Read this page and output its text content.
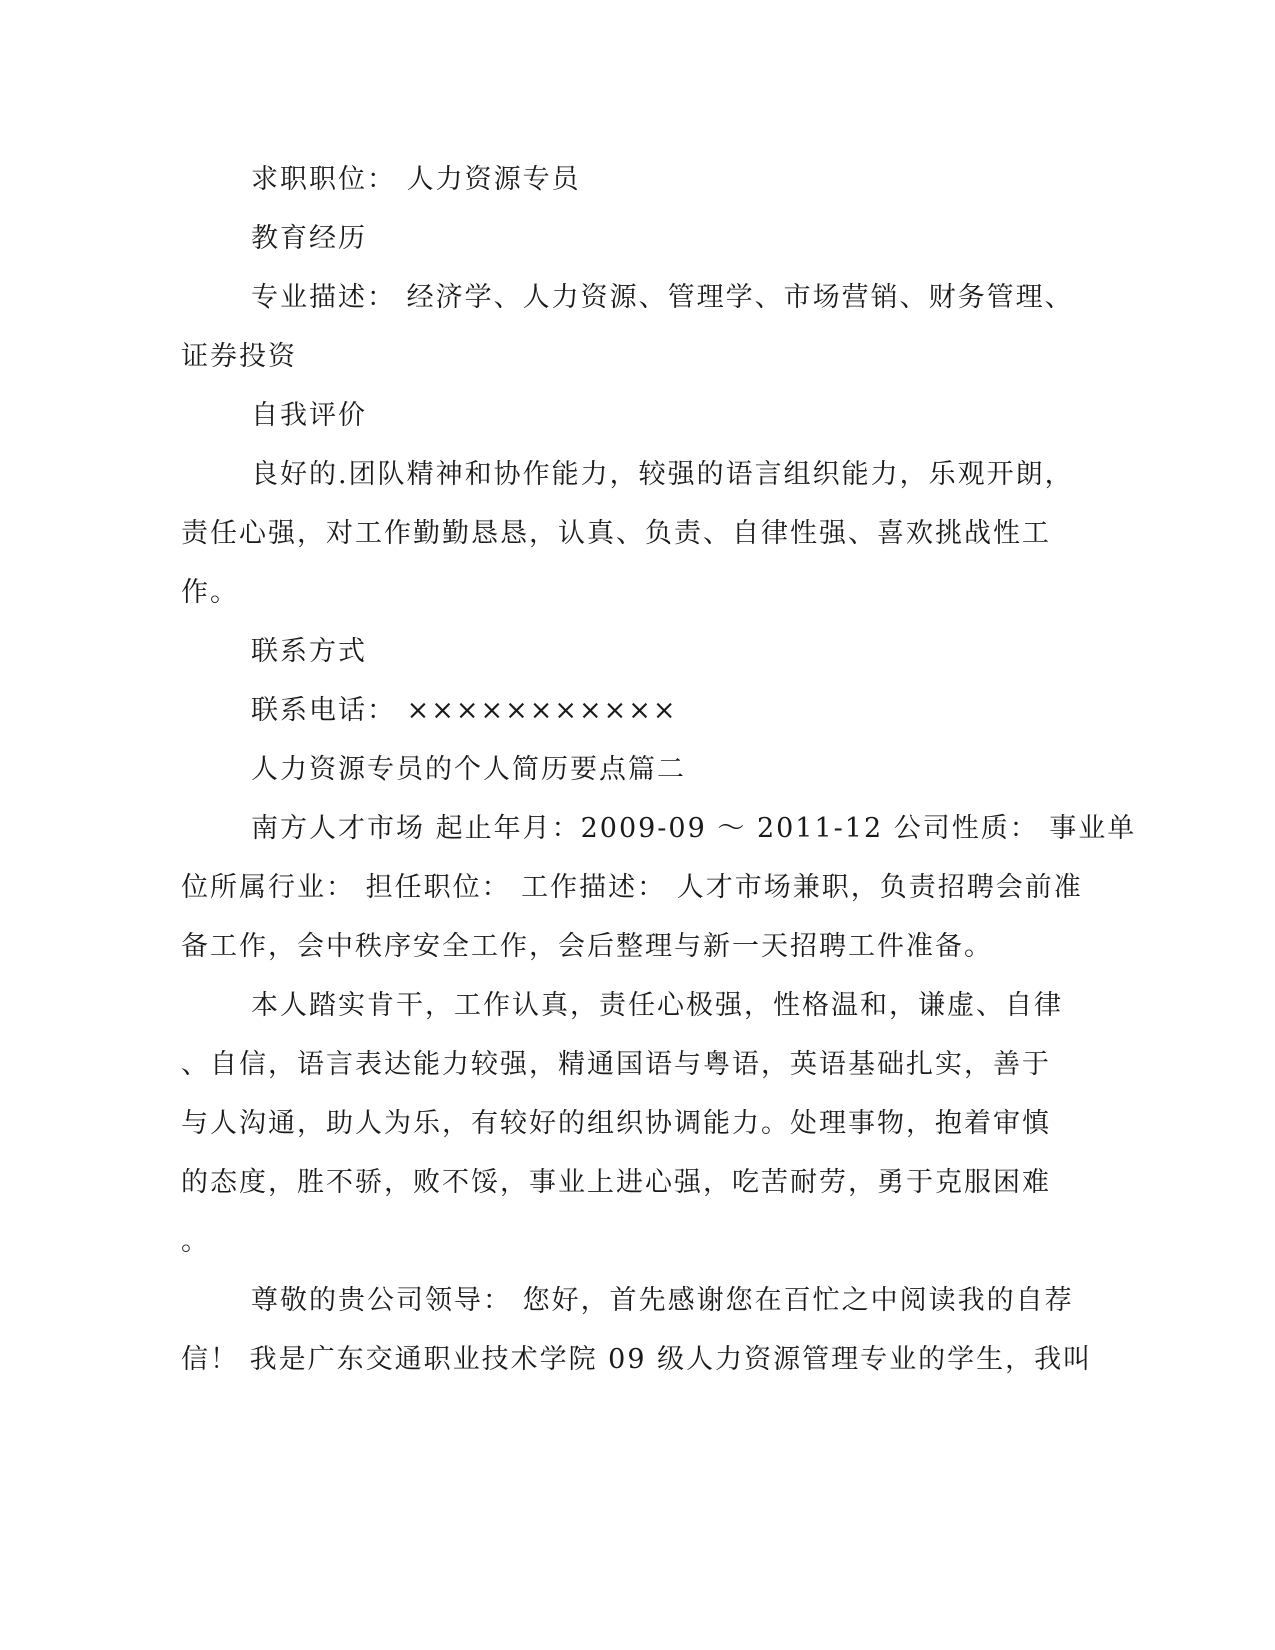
求职职位： 人力资源专员
教育经历
专业描述： 经济学、人力资源、管理学、市场营销、财务管理、
证券投资
自我评价
良好的.团队精神和协作能力，较强的语言组织能力，乐观开朗，
责任心强，对工作勤勤恳恳，认真、负责、自律性强、喜欢挑战性工
作。
联系方式
联系电话： ×××××××××××
人力资源专员的个人简历要点篇二
南方人才市场 起止年月：2009-09 ～ 2011-12 公司性质： 事业单
位所属行业： 担任职位： 工作描述： 人才市场兼职，负责招聘会前准
备工作，会中秩序安全工作，会后整理与新一天招聘工件准备。
本人踏实肯干，工作认真，责任心极强，性格温和，谦虚、自律
、自信，语言表达能力较强，精通国语与粤语，英语基础扎实，善于
与人沟通，助人为乐，有较好的组织协调能力。处理事物，抱着审慎
的态度，胜不骄，败不馁，事业上进心强，吃苦耐劳，勇于克服困难
。
尊敬的贵公司领导： 您好，首先感谢您在百忙之中阅读我的自荐
信！ 我是广东交通职业技术学院 09 级人力资源管理专业的学生，我叫
